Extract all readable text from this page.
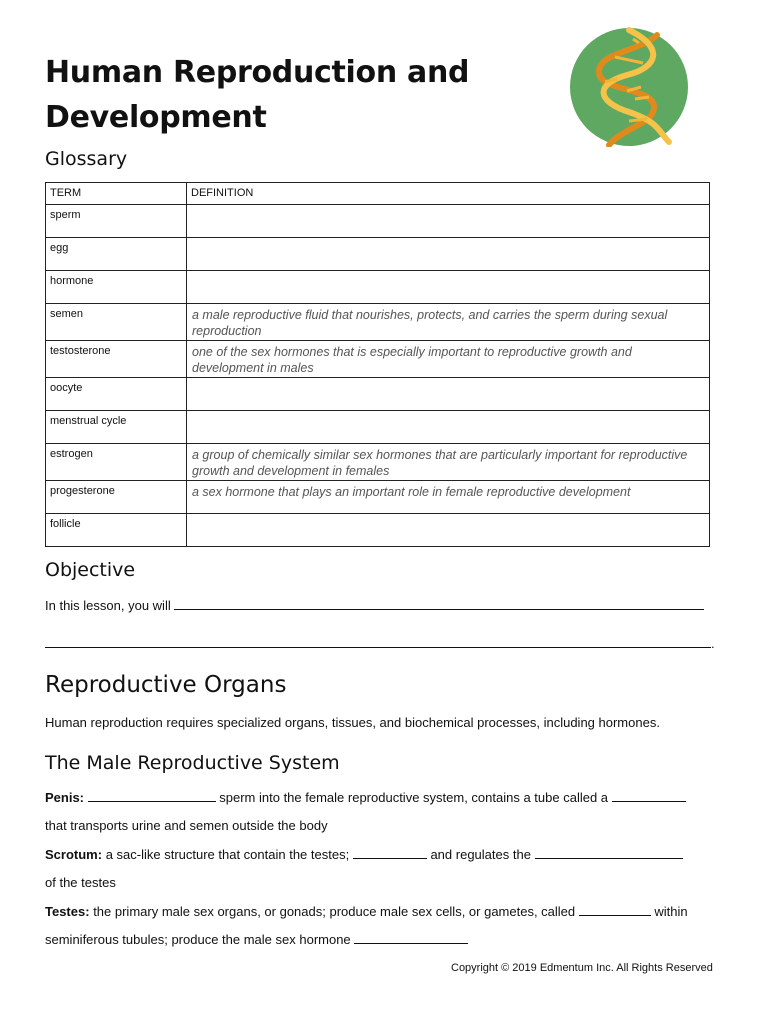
Human Reproduction and Development
Glossary
TERM	DEFINITION
sperm	
egg	
hormone	
semen	a male reproductive fluid that nourishes, protects, and carries the sperm during sexual reproduction
testosterone	one of the sex hormones that is especially important to reproductive growth and development in males
oocyte	
menstrual cycle	
estrogen	a group of chemically similar sex hormones that are particularly important for reproductive growth and development in females
progesterone	a sex hormone that plays an important role in female reproductive development
follicle	
Objective
In this lesson, you will
.
Reproductive Organs
Human reproduction requires specialized organs, tissues, and biochemical processes, including hormones.
The Male Reproductive System
Penis:	sperm into the female reproductive system, contains a tube called a
that transports urine and semen outside the body
Scrotum: a sac-like structure that contain the testes;	and regulates the
of the testes
Testes: the primary male sex organs, or gonads; produce male sex cells, or gametes, called	within
seminiferous tubules; produce the male sex hormone
Copyright © 2019 Edmentum Inc. All Rights Reserved
